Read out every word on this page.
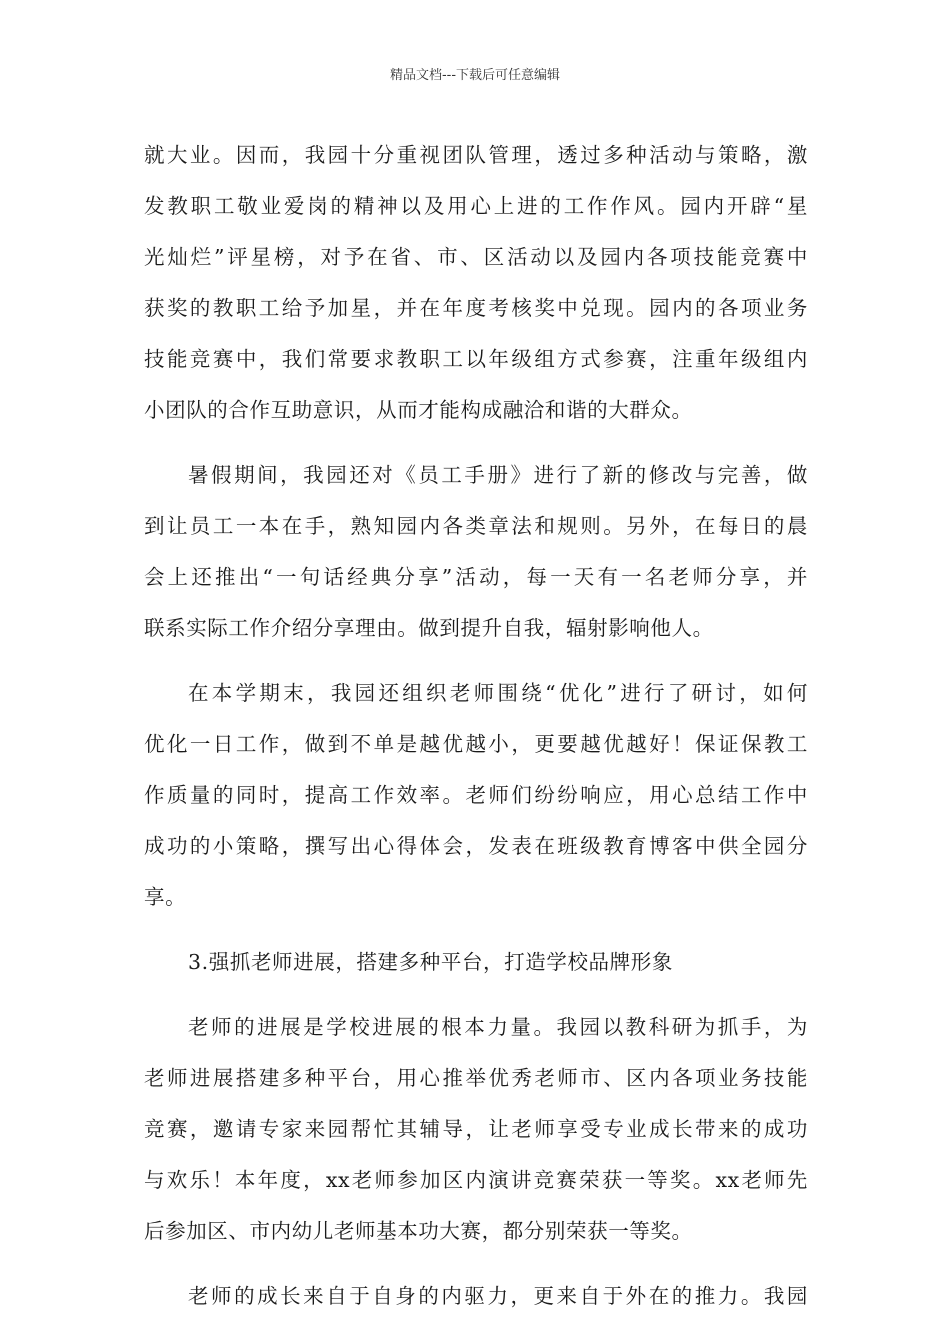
精品文档---下载后可任意编辑
就大业。因而，我园十分重视团队管理，透过多种活动与策略，激
发教职工敬业爱岗的精神以及用心上进的工作作风。园内开辟“星
光灿烂”评星榜，对予在省、市、区活动以及园内各项技能竞赛中
获奖的教职工给予加星，并在年度考核奖中兑现。园内的各项业务
技能竞赛中，我们常要求教职工以年级组方式参赛，注重年级组内
小团队的合作互助意识，从而才能构成融洽和谐的大群众。
暑假期间，我园还对《员工手册》进行了新的修改与完善，做
到让员工一本在手，熟知园内各类章法和规则。另外，在每日的晨
会上还推出“一句话经典分享”活动，每一天有一名老师分享，并
联系实际工作介绍分享理由。做到提升自我，辐射影响他人。
在本学期末，我园还组织老师围绕“优化”进行了研讨，如何
优化一日工作，做到不单是越优越小，更要越优越好！保证保教工
作质量的同时，提高工作效率。老师们纷纷响应，用心总结工作中
成功的小策略，撰写出心得体会，发表在班级教育博客中供全园分
享。
3.强抓老师进展，搭建多种平台，打造学校品牌形象
老师的进展是学校进展的根本力量。我园以教科研为抓手，为
老师进展搭建多种平台，用心推举优秀老师市、区内各项业务技能
竞赛，邀请专家来园帮忙其辅导，让老师享受专业成长带来的成功
与欢乐！本年度，xx老师参加区内演讲竞赛荣获一等奖。xx老师先
后参加区、市内幼儿老师基本功大赛，都分别荣获一等奖。
老师的成长来自于自身的内驱力，更来自于外在的推力。我园
